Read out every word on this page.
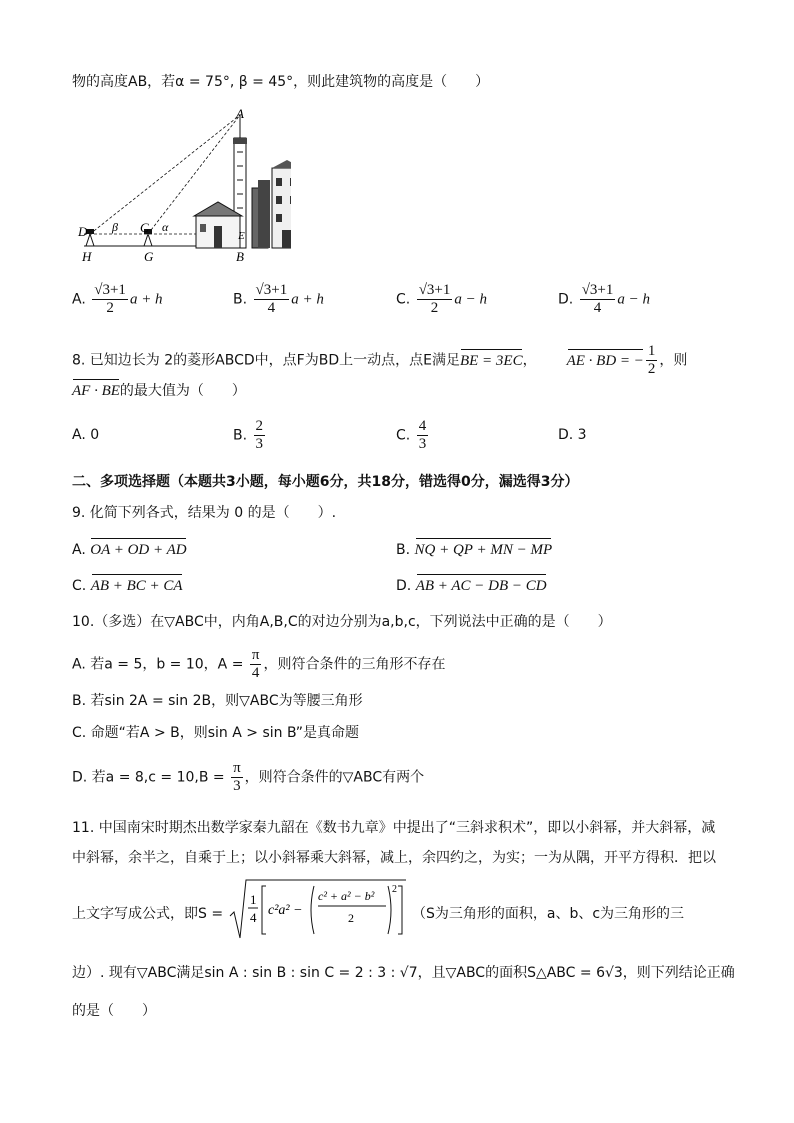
物的高度AB，若α = 75°, β = 45°，则此建筑物的高度是（　　）
A
D	C
β	α
E
H	G	B
A. $\frac{√3+1}{2}$ a + h	B. $\frac{√3+1}{4}$ a + h	C. $\frac{√3+1}{2}$ a − h	D. $\frac{√3+1}{4}$ a − h
8. 已知边长为 2的菱形ABCD中，点F为BD上一动点，点E满足BE = 3EC， AE · BD = − $\frac{1}{2}$ ，则
AF · BE的最大值为（　　）
A. 0	B. $\frac{2}{3}$	C. $\frac{4}{3}$	D. 3
二、多项选择题（本题共3小题，每小题6分，共18分，错选得0分，漏选得3分）
9. 化简下列各式，结果为 0 的是（　　）.
A. OA + OD + AD	B. NQ + QP + MN − MP
C. AB + BC + CA	D. AB + AC − DB − CD
10.（多选）在▽ABC中，内角A,B,C的对边分别为a,b,c，下列说法中正确的是（　　）
A. 若a = 5，b = 10，$A = \frac{\pi}{4}$ ，则符合条件的三角形不存在
B. 若sin 2A = sin 2B，则▽ABC为等腰三角形
C. 命题“若A > B，则sin A > sin B”是真命题
D. 若$a = 8,c = 10,B = \frac{\pi}{3}$ ，则符合条件的▽ABC有两个
11. 中国南宋时期杰出数学家秦九韶在《数书九章》中提出了“三斜求积术”，即以小斜幂，并大斜幂，减
中斜幂，余半之，自乘于上；以小斜幂乘大斜幂，减上，余四约之，为实；一为从隅，开平方得积．把以
上文字写成公式，即S =
1
4 c²a² −
c² + a² − b²
2
2
（S为三角形的面积，a、b、c为三角形的三
边）. 现有▽ABC满足sin A : sin B : sin C = 2 : 3 : √7，且▽ABC的面积S△ABC = 6√3，则下列结论正确
的是（　　）
